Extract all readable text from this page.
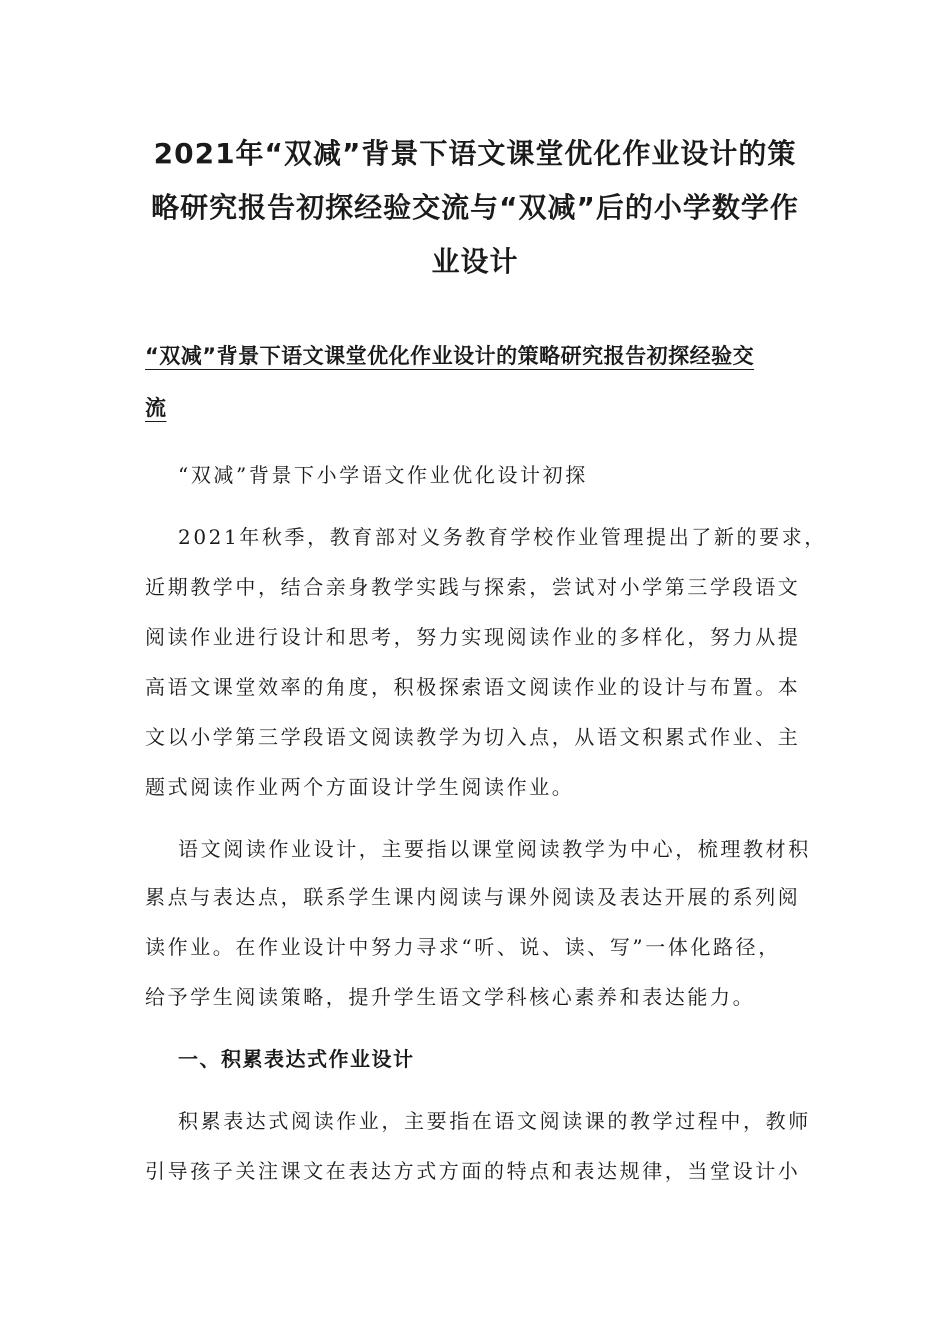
2021年“双减”背景下语文课堂优化作业设计的策
略研究报告初探经验交流与“双减”后的小学数学作
业设计
“双减”背景下语文课堂优化作业设计的策略研究报告初探经验交
流

“双减”背景下小学语文作业优化设计初探

2021年秋季，教育部对义务教育学校作业管理提出了新的要求，

近期教学中，结合亲身教学实践与探索，尝试对小学第三学段语文

阅读作业进行设计和思考，努力实现阅读作业的多样化，努力从提

高语文课堂效率的角度，积极探索语文阅读作业的设计与布置。本

文以小学第三学段语文阅读教学为切入点，从语文积累式作业、主

题式阅读作业两个方面设计学生阅读作业。

语文阅读作业设计，主要指以课堂阅读教学为中心，梳理教材积

累点与表达点，联系学生课内阅读与课外阅读及表达开展的系列阅

读作业。在作业设计中努力寻求“听、说、读、写”一体化路径，

给予学生阅读策略，提升学生语文学科核心素养和表达能力。

一、积累表达式作业设计

积累表达式阅读作业，主要指在语文阅读课的教学过程中，教师

引导孩子关注课文在表达方式方面的特点和表达规律，当堂设计小
